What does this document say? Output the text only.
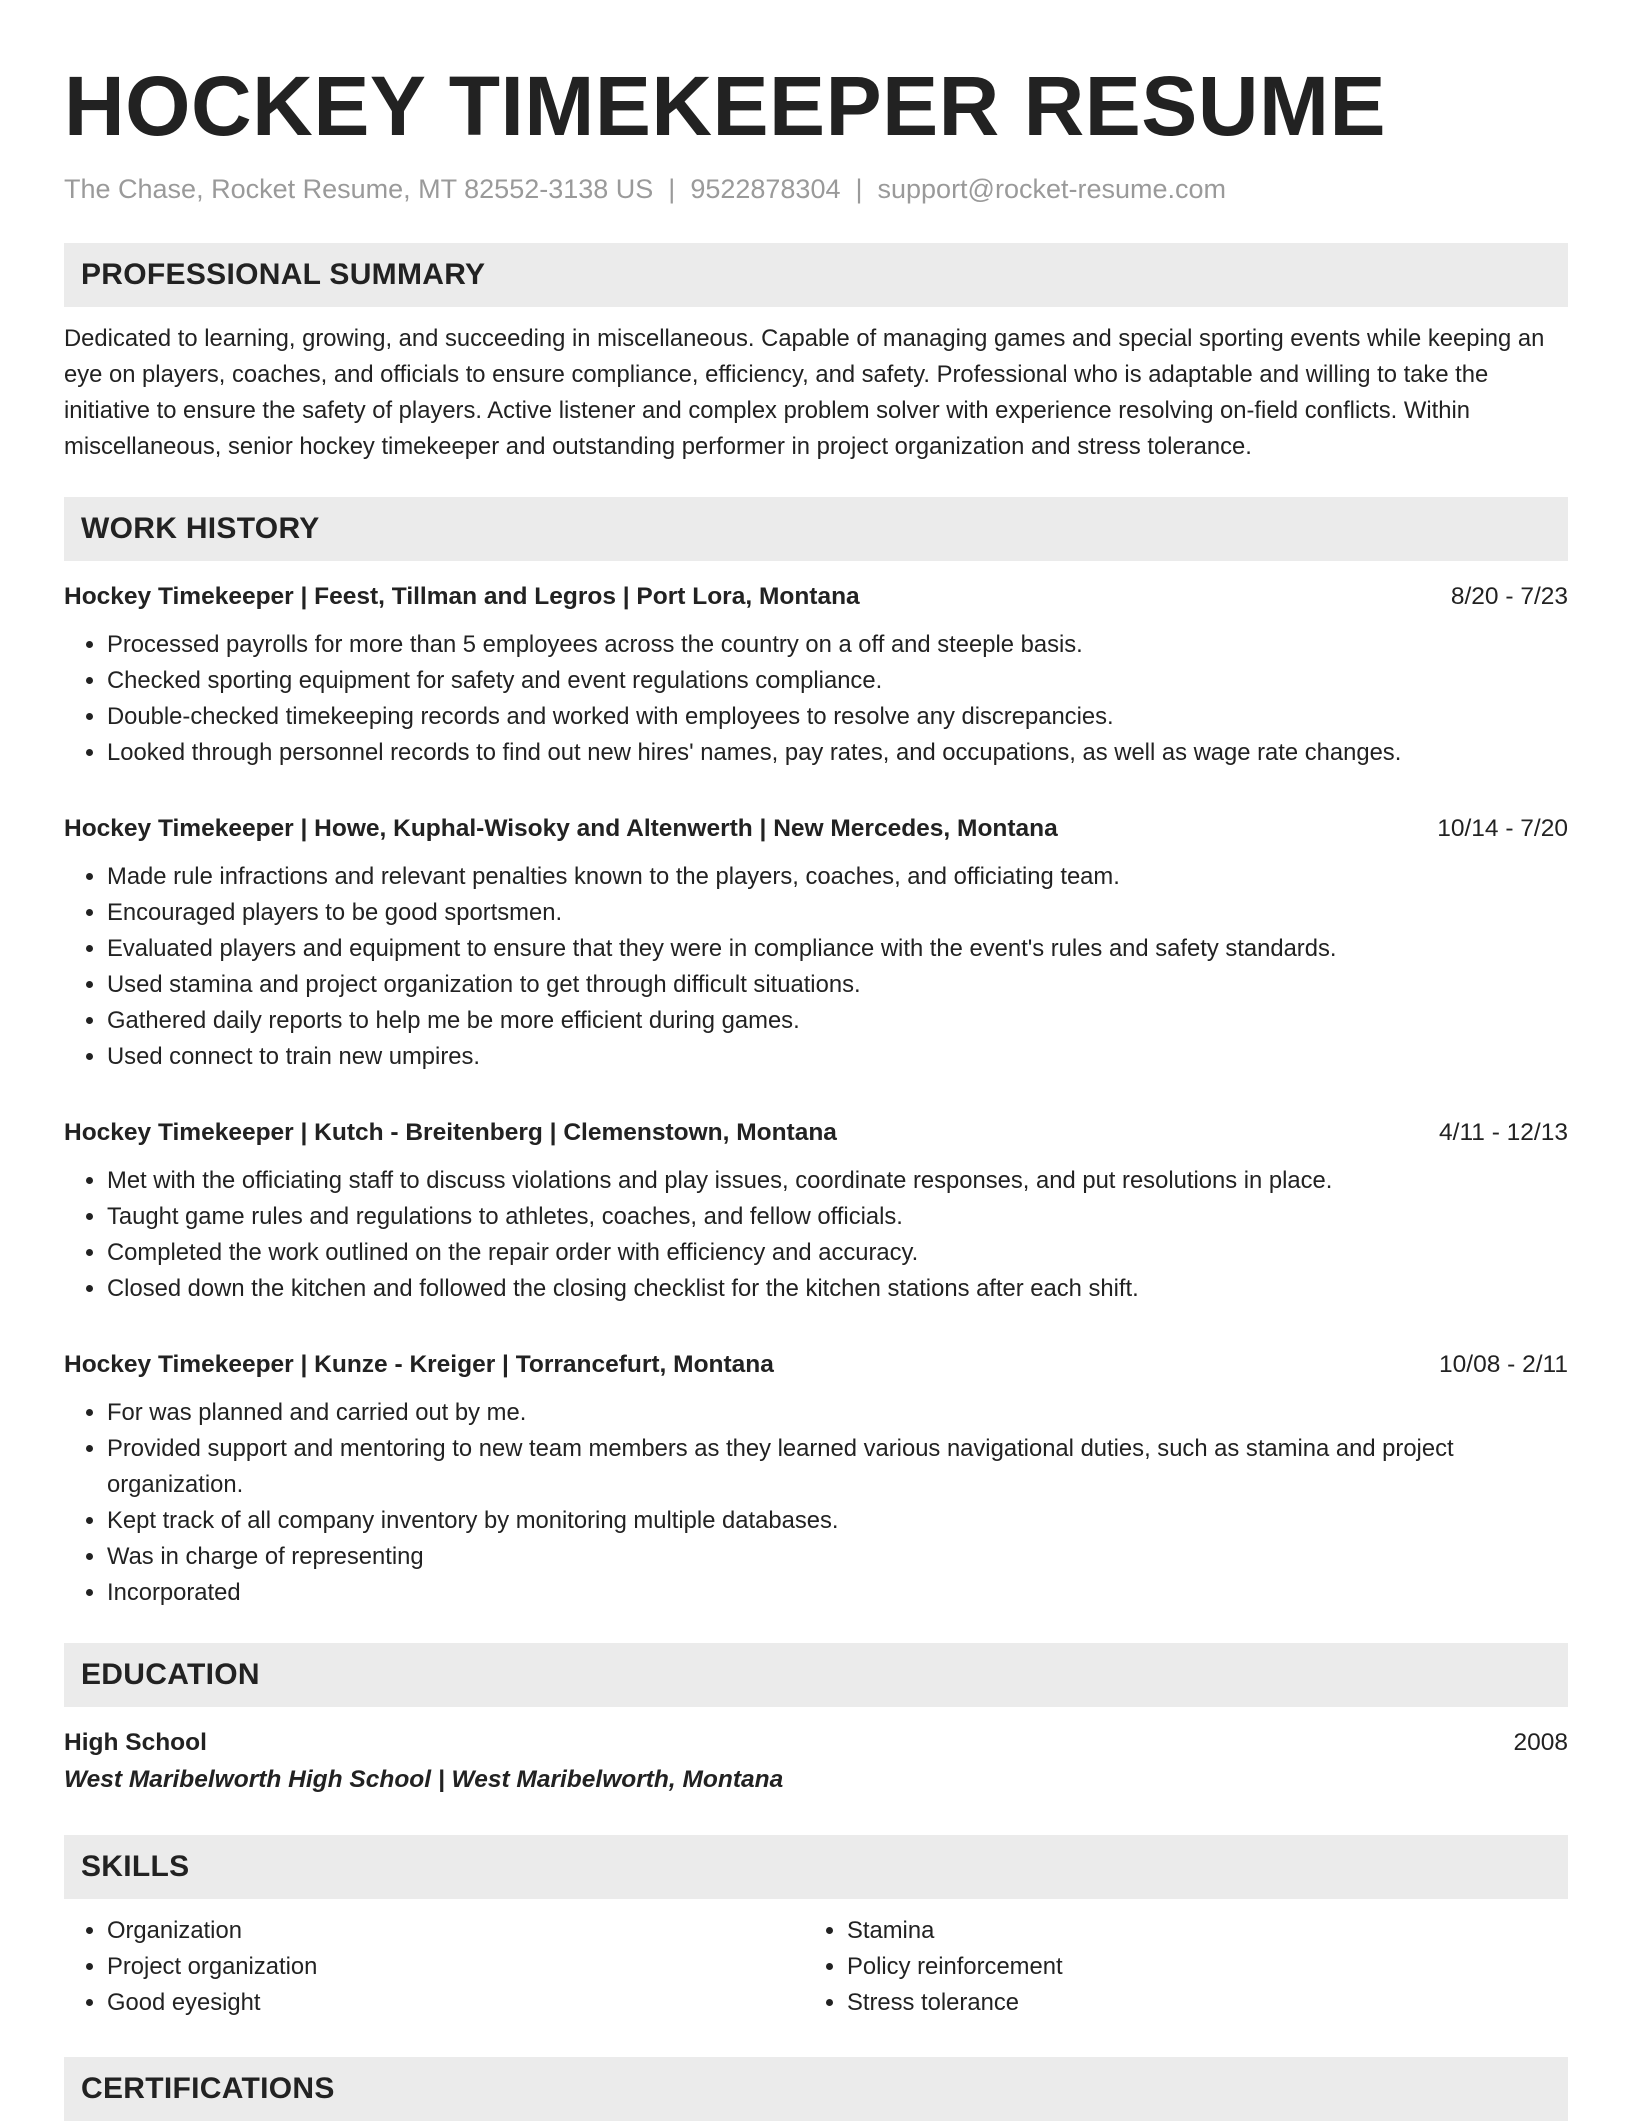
HOCKEY TIMEKEEPER RESUME
The Chase, Rocket Resume, MT 82552-3138 US | 9522878304 | support@rocket-resume.com
PROFESSIONAL SUMMARY
Dedicated to learning, growing, and succeeding in miscellaneous. Capable of managing games and special sporting events while keeping an eye on players, coaches, and officials to ensure compliance, efficiency, and safety. Professional who is adaptable and willing to take the initiative to ensure the safety of players. Active listener and complex problem solver with experience resolving on-field conflicts. Within miscellaneous, senior hockey timekeeper and outstanding performer in project organization and stress tolerance.
WORK HISTORY
Hockey Timekeeper | Feest, Tillman and Legros | Port Lora, Montana	8/20 - 7/23
• Processed payrolls for more than 5 employees across the country on a off and steeple basis.
• Checked sporting equipment for safety and event regulations compliance.
• Double-checked timekeeping records and worked with employees to resolve any discrepancies.
• Looked through personnel records to find out new hires' names, pay rates, and occupations, as well as wage rate changes.
Hockey Timekeeper | Howe, Kuphal-Wisoky and Altenwerth | New Mercedes, Montana	10/14 - 7/20
• Made rule infractions and relevant penalties known to the players, coaches, and officiating team.
• Encouraged players to be good sportsmen.
• Evaluated players and equipment to ensure that they were in compliance with the event's rules and safety standards.
• Used stamina and project organization to get through difficult situations.
• Gathered daily reports to help me be more efficient during games.
• Used connect to train new umpires.
Hockey Timekeeper | Kutch - Breitenberg | Clemenstown, Montana	4/11 - 12/13
• Met with the officiating staff to discuss violations and play issues, coordinate responses, and put resolutions in place.
• Taught game rules and regulations to athletes, coaches, and fellow officials.
• Completed the work outlined on the repair order with efficiency and accuracy.
• Closed down the kitchen and followed the closing checklist for the kitchen stations after each shift.
Hockey Timekeeper | Kunze - Kreiger | Torrancefurt, Montana	10/08 - 2/11
• For was planned and carried out by me.
• Provided support and mentoring to new team members as they learned various navigational duties, such as stamina and project organization.
• Kept track of all company inventory by monitoring multiple databases.
• Was in charge of representing
• Incorporated
EDUCATION
High School	2008
West Maribelworth High School | West Maribelworth, Montana
SKILLS
• Organization
• Project organization
• Good eyesight
• Stamina
• Policy reinforcement
• Stress tolerance
CERTIFICATIONS
